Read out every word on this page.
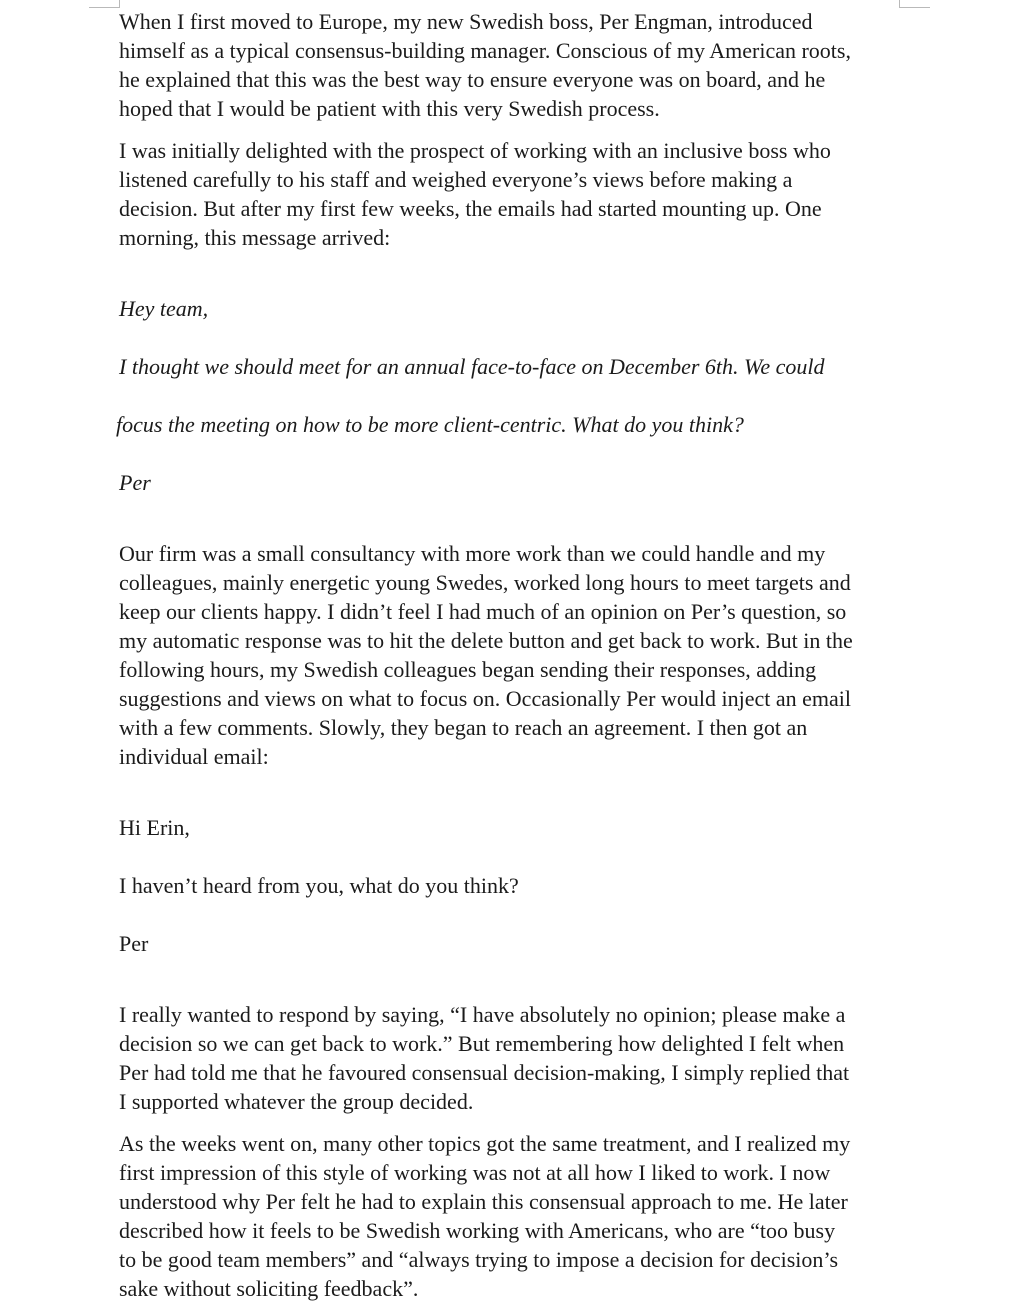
When I first moved to Europe, my new Swedish boss, Per Engman, introduced
himself as a typical consensus-building manager. Conscious of my American roots,
he explained that this was the best way to ensure everyone was on board, and he
hoped that I would be patient with this very Swedish process.

I was initially delighted with the prospect of working with an inclusive boss who
listened carefully to his staff and weighed everyone’s views before making a
decision. But after my first few weeks, the emails had started mounting up. One
morning, this message arrived:

Hey team,

I thought we should meet for an annual face-to-face on December 6th. We could

focus the meeting on how to be more client-centric. What do you think?

Per

Our firm was a small consultancy with more work than we could handle and my
colleagues, mainly energetic young Swedes, worked long hours to meet targets and
keep our clients happy. I didn’t feel I had much of an opinion on Per’s question, so
my automatic response was to hit the delete button and get back to work. But in the
following hours, my Swedish colleagues began sending their responses, adding
suggestions and views on what to focus on. Occasionally Per would inject an email
with a few comments. Slowly, they began to reach an agreement. I then got an
individual email:

Hi Erin,

I haven’t heard from you, what do you think?

Per

I really wanted to respond by saying, “I have absolutely no opinion; please make a
decision so we can get back to work.” But remembering how delighted I felt when
Per had told me that he favoured consensual decision-making, I simply replied that
I supported whatever the group decided.

As the weeks went on, many other topics got the same treatment, and I realized my
first impression of this style of working was not at all how I liked to work. I now
understood why Per felt he had to explain this consensual approach to me. He later
described how it feels to be Swedish working with Americans, who are “too busy
to be good team members” and “always trying to impose a decision for decision’s
sake without soliciting feedback”.
